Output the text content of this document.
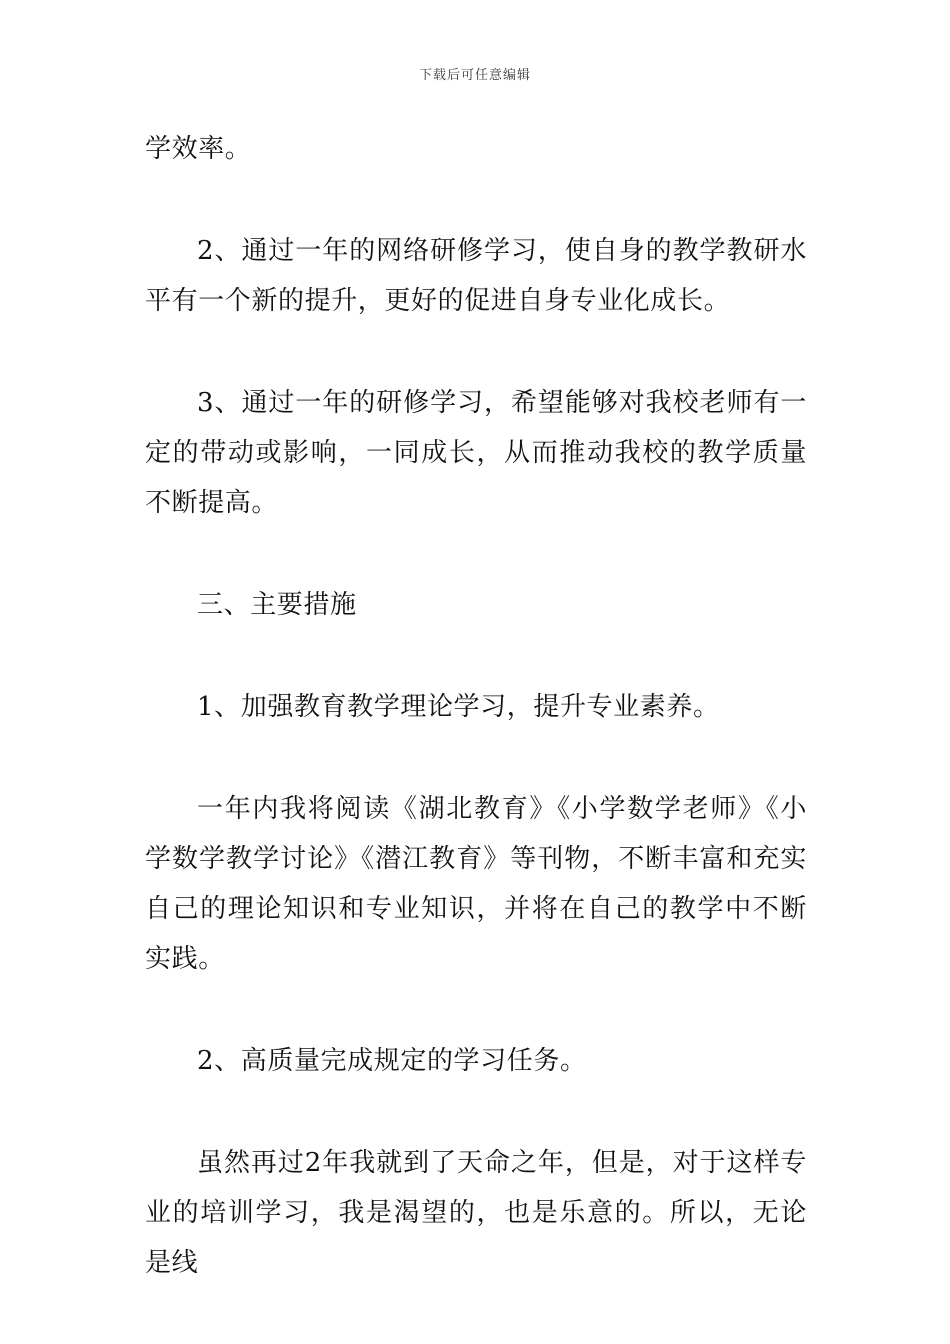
下载后可任意编辑

学效率。

2、通过一年的网络研修学习，使自身的教学教研水平有一个新的提升，更好的促进自身专业化成长。

3、通过一年的研修学习，希望能够对我校老师有一定的带动或影响，一同成长，从而推动我校的教学质量不断提高。

三、主要措施

1、加强教育教学理论学习，提升专业素养。

一年内我将阅读《湖北教育》《小学数学老师》《小学数学教学讨论》《潜江教育》等刊物，不断丰富和充实自己的理论知识和专业知识，并将在自己的教学中不断实践。

2、高质量完成规定的学习任务。

虽然再过2年我就到了天命之年，但是，对于这样专业的培训学习，我是渴望的，也是乐意的。所以，无论是线
